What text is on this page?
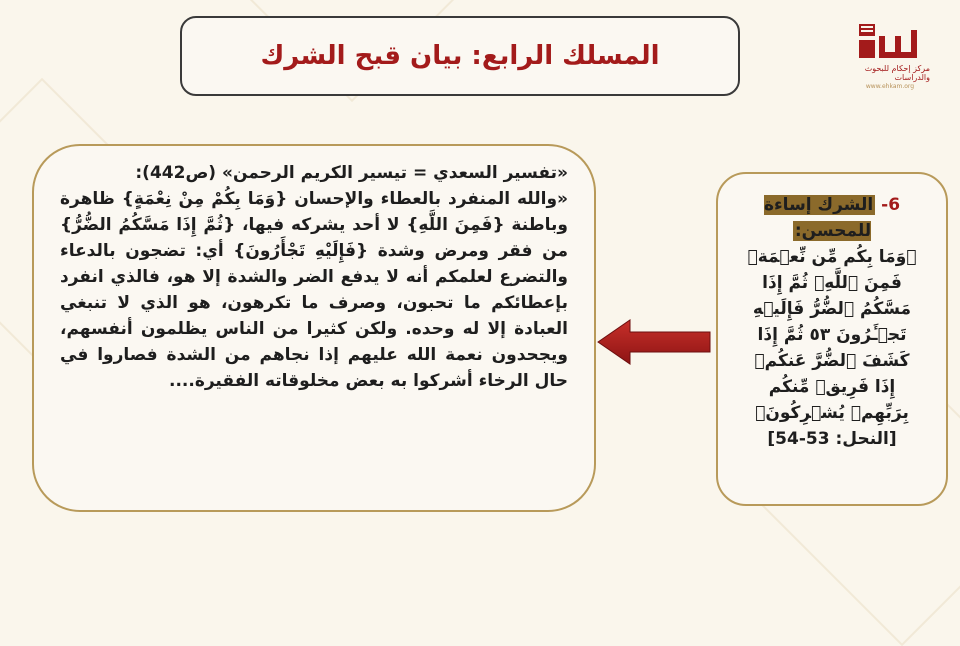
المسلك الرابع: بيان قبح الشرك	مركز إحكام للبحوث والدراسات
www.ehkam.org
«تفسير السعدي = تيسير الكريم الرحمن» (ص442):
«والله المنفرد بالعطاء والإحسان {وَمَا بِكُمْ مِنْ نِعْمَةٍ} ظاهرة وباطنة {فَمِنَ اللَّهِ} لا أحد يشركه فيها، {ثُمَّ إِذَا مَسَّكُمُ الضُّرُّ} من فقر ومرض وشدة {فَإِلَيْهِ تَجْأَرُونَ} أي: تضجون بالدعاء والتضرع لعلمكم أنه لا يدفع الضر والشدة إلا هو، فالذي انفرد بإعطائكم ما تحبون، وصرف ما تكرهون، هو الذي لا تنبغي العبادة إلا له وحده. ولكن كثيرا من الناس يظلمون أنفسهم، ويجحدون نعمة الله عليهم إذا نجاهم من الشدة فصاروا في حال الرخاء أشركوا به بعض مخلوقاته الفقيرة....
6- الشرك إساءة للمحسن:
﴿وَمَا بِكُم مِّن نِّعۡمَةٖ فَمِنَ ٱللَّهِۖ ثُمَّ إِذَا مَسَّكُمُ ٱلضُّرُّ فَإِلَيۡهِ تَجۡـَٔرُونَ ٥٣ ثُمَّ إِذَا كَشَفَ ٱلضُّرَّ عَنكُمۡ إِذَا فَرِيقٞ مِّنكُم بِرَبِّهِمۡ يُشۡرِكُونَ﴾
[النحل: 53-54]
